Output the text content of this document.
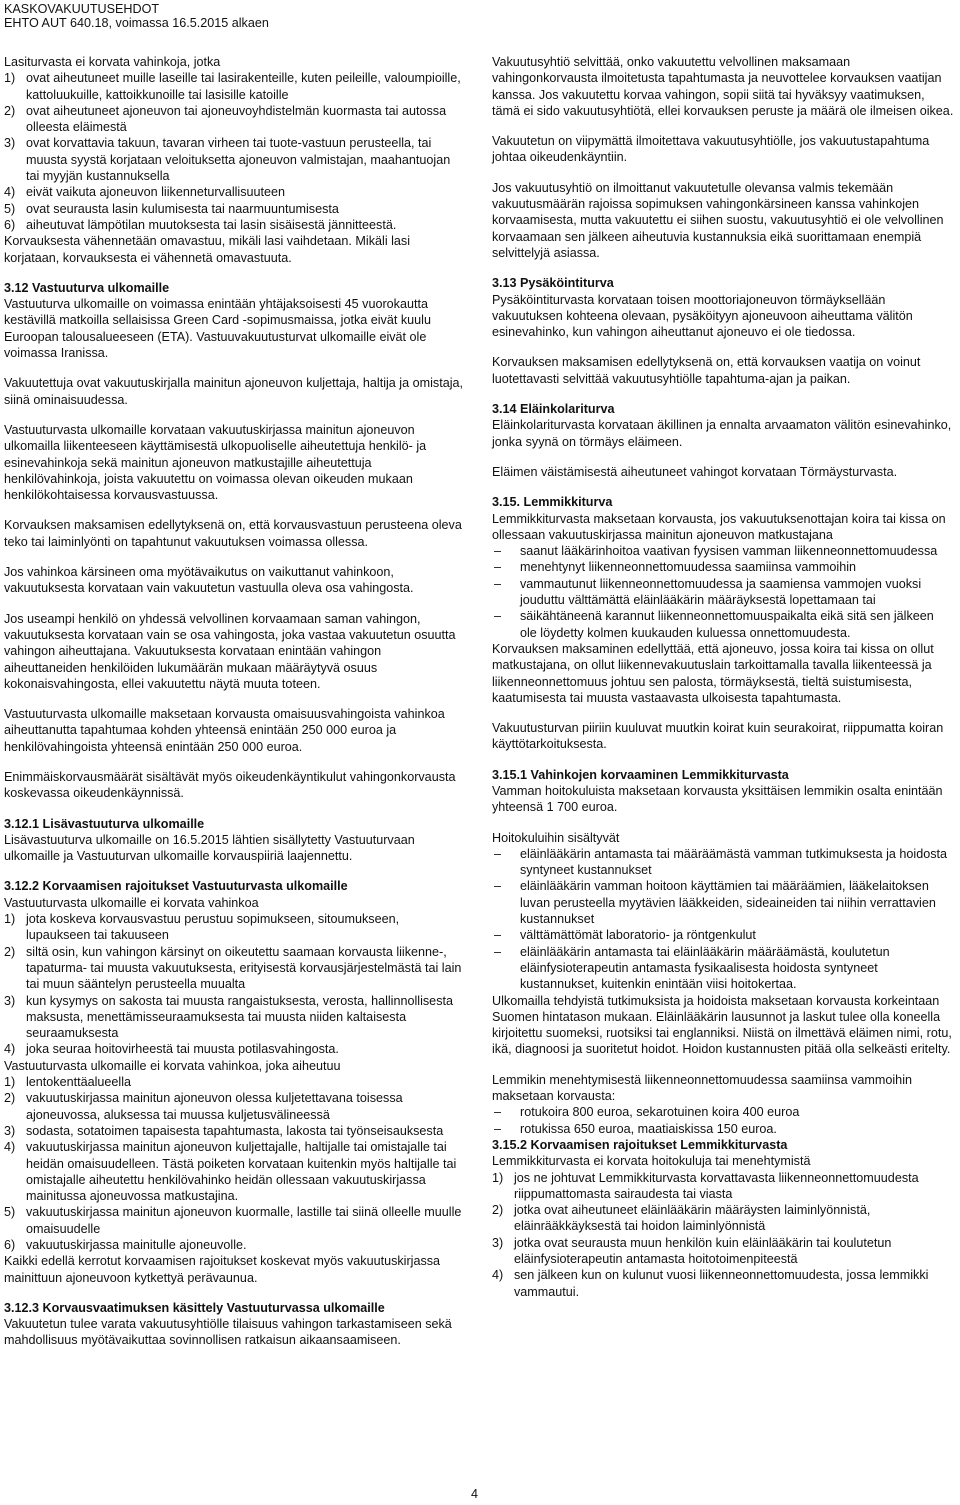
KASKOVAKUUTUSEHDOT
EHTO AUT 640.18, voimassa 16.5.2015 alkaen

Lasiturvasta ei korvata vahinkoja, jotka

1) ovat aiheutuneet muille laseille tai lasirakenteille, kuten peileille, valoumpioille, kattoluukuille, kattoikkunoille tai lasisille katoille
2) ovat aiheutuneet ajoneuvon tai ajoneuvoyhdistelmän kuormasta tai autossa olleesta eläimestä
3) ovat korvattavia takuun, tavaran virheen tai tuote-vastuun perusteella, tai muusta syystä korjataan veloituksetta ajoneuvon valmistajan, maahantuojan tai myyjän kustannuksella
4) eivät vaikuta ajoneuvon liikenneturvallisuuteen
5) ovat seurausta lasin kulumisesta tai naarmuuntumisesta
6) aiheutuvat lämpötilan muutoksesta tai lasin sisäisestä jännitteestä.

Korvauksesta vähennetään omavastuu, mikäli lasi vaihdetaan. Mikäli lasi korjataan, korvauksesta ei vähennetä omavastuuta.

3.12 Vastuuturva ulkomaille

Vastuuturva ulkomaille on voimassa enintään yhtäjaksoisesti 45 vuorokautta kestävillä matkoilla sellaisissa Green Card -sopimusmaissa, jotka eivät kuulu Euroopan talousalueeseen (ETA). Vastuuvakuutusturvat ulkomaille eivät ole voimassa Iranissa.

Vakuutettuja ovat vakuutuskirjalla mainitun ajoneuvon kuljettaja, haltija ja omistaja, siinä ominaisuudessa.

Vastuuturvasta ulkomaille korvataan vakuutuskirjassa mainitun ajoneuvon ulkomailla liikenteeseen käyttämisestä ulkopuoliselle aiheutettuja henkilö- ja esinevahinkoja sekä mainitun ajoneuvon matkustajille aiheutettuja henkilövahinkoja, joista vakuutettu on voimassa olevan oikeuden mukaan henkilökohtaisessa korvausvastuussa.

Korvauksen maksamisen edellytyksenä on, että korvausvastuun perusteena oleva teko tai laiminlyönti on tapahtunut vakuutuksen voimassa ollessa.

Jos vahinkoa kärsineen oma myötävaikutus on vaikuttanut vahinkoon, vakuutuksesta korvataan vain vakuutetun vastuulla oleva osa vahingosta.

Jos useampi henkilö on yhdessä velvollinen korvaamaan saman vahingon, vakuutuksesta korvataan vain se osa vahingosta, joka vastaa vakuutetun osuutta vahingon aiheuttajana. Vakuutuksesta korvataan enintään vahingon aiheuttaneiden henkilöiden lukumäärän mukaan määräytyvä osuus kokonaisvahingosta, ellei vakuutettu näytä muuta toteen.

Vastuuturvasta ulkomaille maksetaan korvausta omaisuusvahingoista vahinkoa aiheuttanutta tapahtumaa kohden yhteensä enintään 250 000 euroa ja henkilövahingoista yhteensä enintään 250 000 euroa.

Enimmäiskorvausmäärät sisältävät myös oikeudenkäyntikulut vahingonkorvausta koskevassa oikeudenkäynnissä.

3.12.1 Lisävastuuturva ulkomaille

Lisävastuuturva ulkomaille on 16.5.2015 lähtien sisällytetty Vastuuturvaan ulkomaille ja Vastuuturvan ulkomaille korvauspiiriä laajennettu.

3.12.2 Korvaamisen rajoitukset Vastuuturvasta ulkomaille

Vastuuturvasta ulkomaille ei korvata vahinkoa

1) jota koskeva korvausvastuu perustuu sopimukseen, sitoumukseen, lupaukseen tai takuuseen
2) siltä osin, kun vahingon kärsinyt on oikeutettu saamaan korvausta liikenne-, tapaturma- tai muusta vakuutuksesta, erityisestä korvausjärjestelmästä tai lain tai muun sääntelyn perusteella muualta
3) kun kysymys on sakosta tai muusta rangaistuksesta, verosta, hallinnollisesta maksusta, menettämisseuraamuksesta tai muusta niiden kaltaisesta seuraamuksesta
4) joka seuraa hoitovirheestä tai muusta potilasvahingosta.

Vastuuturvasta ulkomaille ei korvata vahinkoa, joka aiheutuu

1) lentokenttäalueella
2) vakuutuskirjassa mainitun ajoneuvon olessa kuljetettavana toisessa ajoneuvossa, aluksessa tai muussa kuljetusvälineessä
3) sodasta, sotatoimen tapaisesta tapahtumasta, lakosta tai työnseisauksesta
4) vakuutuskirjassa mainitun ajoneuvon kuljettajalle, haltijalle tai omistajalle tai heidän omaisuudelleen. Tästä poiketen korvataan kuitenkin myös haltijalle tai omistajalle aiheutettu henkilövahinko heidän ollessaan vakuutuskirjassa mainitussa ajoneuvossa matkustajina.
5) vakuutuskirjassa mainitun ajoneuvon kuormalle, lastille tai siinä olleelle muulle omaisuudelle
6) vakuutuskirjassa mainitulle ajoneuvolle.

Kaikki edellä kerrotut korvaamisen rajoitukset koskevat myös vakuutuskirjassa mainittuun ajoneuvoon kytkettyä perävaunua.

3.12.3 Korvausvaatimuksen käsittely Vastuuturvassa ulkomaille

Vakuutetun tulee varata vakuutusyhtiölle tilaisuus vahingon tarkastamiseen sekä mahdollisuus myötävaikuttaa sovinnollisen ratkaisun aikaansaamiseen.

Vakuutusyhtiö selvittää, onko vakuutettu velvollinen maksamaan vahingonkorvausta ilmoitetusta tapahtumasta ja neuvottelee korvauksen vaatijan kanssa. Jos vakuutettu korvaa vahingon, sopii siitä tai hyväksyy vaatimuksen, tämä ei sido vakuutusyhtiötä, ellei korvauksen peruste ja määrä ole ilmeisen oikea.

Vakuutetun on viipymättä ilmoitettava vakuutusyhtiölle, jos vakuutustapahtuma johtaa oikeudenkäyntiin.

Jos vakuutusyhtiö on ilmoittanut vakuutetulle olevansa valmis tekemään vakuutusmäärän rajoissa sopimuksen vahingonkärsineen kanssa vahinkojen korvaamisesta, mutta vakuutettu ei siihen suostu, vakuutusyhtiö ei ole velvollinen korvaamaan sen jälkeen aiheutuvia kustannuksia eikä suorittamaan enempiä selvittelyjä asiassa.

3.13 Pysäköintiturva

Pysäköintiturvasta korvataan toisen moottoriajoneuvon törmäyksellään vakuutuksen kohteena olevaan, pysäköityyn ajoneuvoon aiheuttama välitön esinevahinko, kun vahingon aiheuttanut ajoneuvo ei ole tiedossa.

Korvauksen maksamisen edellytyksenä on, että korvauksen vaatija on voinut luotettavasti selvittää vakuutusyhtiölle tapahtuma-ajan ja paikan.

3.14 Eläinkolariturva

Eläinkolariturvasta korvataan äkillinen ja ennalta arvaamaton välitön esinevahinko, jonka syynä on törmäys eläimeen.

Eläimen väistämisestä aiheutuneet vahingot korvataan Törmäysturvasta.

3.15. Lemmikkiturva

Lemmikkiturvasta maksetaan korvausta, jos vakuutuksenottajan koira tai kissa on ollessaan vakuutuskirjassa mainitun ajoneuvon matkustajana

– saanut lääkärinhoitoa vaativan fyysisen vamman liikenneonnettomuudessa
– menehtynyt liikenneonnettomuudessa saamiinsa vammoihin
– vammautunut liikenneonnettomuudessa ja saamiensa vammojen vuoksi jouduttu välttämättä eläinlääkärin määräyksestä lopettamaan tai
– säikähtäneenä karannut liikenneonnettomuuspaikalta eikä sitä sen jälkeen ole löydetty kolmen kuukauden kuluessa onnettomuudesta.

Korvauksen maksaminen edellyttää, että ajoneuvo, jossa koira tai kissa on ollut matkustajana, on ollut liikennevakuutuslain tarkoittamalla tavalla liikenteessä ja liikenneonnettomuus johtuu sen palosta, törmäyksestä, tieltä suistumisesta, kaatumisesta tai muusta vastaavasta ulkoisesta tapahtumasta.

Vakuutusturvan piiriin kuuluvat muutkin koirat kuin seurakoirat, riippumatta koiran käyttötarkoituksesta.

3.15.1 Vahinkojen korvaaminen Lemmikkiturvasta

Vamman hoitokuluista maksetaan korvausta yksittäisen lemmikin osalta enintään yhteensä 1 700 euroa.

Hoitokuluihin sisältyvät

– eläinlääkärin antamasta tai määräämästä vamman tutkimuksesta ja hoidosta syntyneet kustannukset
– eläinlääkärin vamman hoitoon käyttämien tai määräämien, lääkelaitoksen luvan perusteella myytävien lääkkeiden, sideaineiden tai niihin verrattavien kustannukset
– välttämättömät laboratorio- ja röntgenkulut
– eläinlääkärin antamasta tai eläinlääkärin määräämästä, koulutetun eläinfysioterapeutin antamasta fysikaalisesta hoidosta syntyneet kustannukset, kuitenkin enintään viisi hoitokertaa.

Ulkomailla tehdyistä tutkimuksista ja hoidoista maksetaan korvausta korkeintaan Suomen hintatason mukaan. Eläinlääkärin lausunnot ja laskut tulee olla koneella kirjoitettu suomeksi, ruotsiksi tai englanniksi. Niistä on ilmettävä eläimen nimi, rotu, ikä, diagnoosi ja suoritetut hoidot. Hoidon kustannusten pitää olla selkeästi eritelty.

Lemmikin menehtymisestä liikenneonnettomuudessa saamiinsa vammoihin maksetaan korvausta:

– rotukoira 800 euroa, sekarotuinen koira 400 euroa
– rotukissa 650 euroa, maatiaiskissa 150 euroa.
3.15.2 Korvaamisen rajoitukset Lemmikkiturvasta

Lemmikkiturvasta ei korvata hoitokuluja tai menehtymistä

1) jos ne johtuvat Lemmikkiturvasta korvattavasta liikenneonnettomuudesta riippumattomasta sairaudesta tai viasta
2) jotka ovat aiheutuneet eläinlääkärin määräysten laiminlyönnistä, eläinrääkkäyksestä tai hoidon laiminlyönnistä
3) jotka ovat seurausta muun henkilön kuin eläinlääkärin tai koulutetun eläinfysioterapeutin antamasta hoitotoimenpiteestä
4) sen jälkeen kun on kulunut vuosi liikenneonnettomuudesta, jossa lemmikki vammautui.
4
